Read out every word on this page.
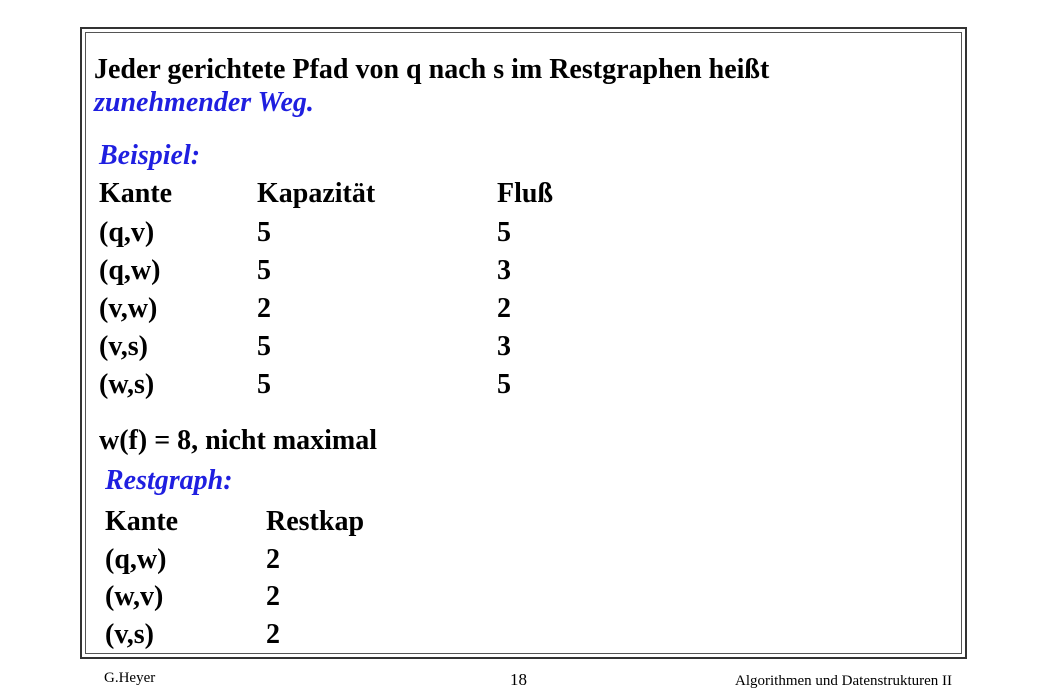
Jeder gerichtete Pfad von q nach s im Restgraphen heißt
zunehmender Weg.
Beispiel:
Kante	Kapazität	Fluß
(q,v)	5	5
(q,w)	5	3
(v,w)	2	2
(v,s)	5	3
(w,s)	5	5
w(f) = 8, nicht maximal
Restgraph:
Kante	Restkap
(q,w)	2
(w,v)	2
(v,s)	2
G.Heyer	18	Algorithmen und Datenstrukturen II
